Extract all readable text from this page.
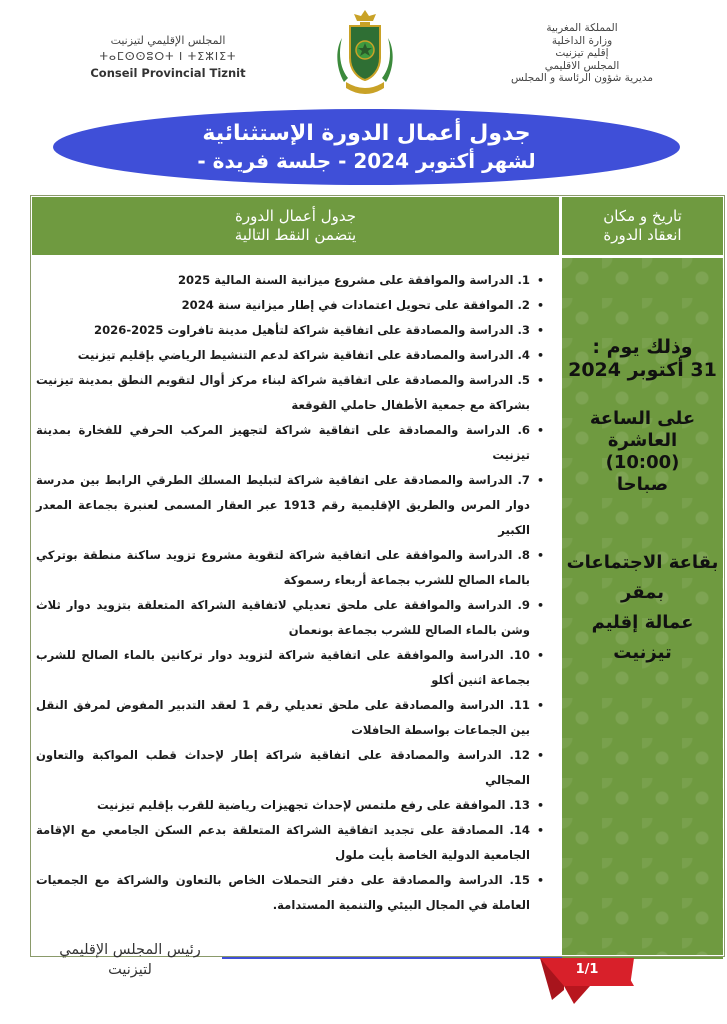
المملكة المغربية
وزارة الداخلية
إقليم تيزنيت
المجلس الاقليمي
مديرية شؤون الرئاسة و المجلس
المجلس الإقليمي لتيزنيت
ⵜⴰⵎⵙⵙⵓⵔⵜ ⵏ ⵜⵉⵣⵏⵉⵜ
Conseil Provincial Tiznit
جدول أعمال الدورة الإستثنائية
لشهر أكتوبر 2024 - جلسة فريدة -
جدول أعمال الدورة
يتضمن النقط التالية
تاريخ و مكان
انعقاد الدورة
وذلك يوم :
31 أكتوبر 2024
على الساعة
العاشرة
(10:00)
صباحا
بقاعة الاجتماعات
بمقر
عمالة إقليم
تيزنيت
•
1. الدراسة والموافقة على مشروع ميزانية السنة المالية 2025
•
2. الموافقة على تحويل اعتمادات في إطار ميزانية سنة 2024
•
3. الدراسة والمصادقة على اتفاقية شراكة لتأهيل مدينة تافراوت 2025-2026
•
4. الدراسة والمصادقة على اتفاقية شراكة لدعم التنشيط الرياضي بإقليم تيزنيت
•
5. الدراسة والمصادقة على اتفاقية شراكة لبناء مركز أوال لتقويم النطق بمدينة تيزنيت بشراكة مع جمعية الأطفال حاملي القوقعة
•
6. الدراسة والمصادقة على اتفاقية شراكة لتجهيز المركب الحرفي للفخارة بمدينة تيزنيت
•
7. الدراسة والمصادقة على اتفاقية شراكة لتبليط المسلك الطرقي الرابط بين مدرسة دوار المرس والطريق الإقليمية رقم 1913 عبر العقار المسمى لعنبرة بجماعة المعدر الكبير
•
8. الدراسة والموافقة على اتفاقية شراكة لتقوية مشروع تزويد ساكنة منطقة بوتركي بالماء الصالح للشرب بجماعة أربعاء رسموكة
•
9. الدراسة والموافقة على ملحق تعديلي لاتفاقية الشراكة المتعلقة بتزويد دوار ثلاث وشن بالماء الصالح للشرب بجماعة بونعمان
•
10. الدراسة والموافقة على اتفاقية شراكة لتزويد دوار تركانين بالماء الصالح للشرب بجماعة اثنين أكلو
•
11. الدراسة والمصادقة على ملحق تعديلي رقم 1 لعقد التدبير المفوض لمرفق النقل بين الجماعات بواسطة الحافلات
•
12. الدراسة والمصادقة على اتفاقية شراكة إطار لإحداث قطب المواكبة والتعاون المجالي
•
13. الموافقة على رفع ملتمس لإحداث تجهيزات رياضية للقرب بإقليم تيزنيت
•
14. المصادقة على تجديد اتفاقية الشراكة المتعلقة بدعم السكن الجامعي مع الإقامة الجامعية الدولية الخاصة بأيت ملول
•
15. الدراسة والمصادقة على دفتر التحملات الخاص بالتعاون والشراكة مع الجمعيات العاملة في المجال البيئي والتنمية المستدامة.
رئيس المجلس الإقليمي
لتيزنيت	1/1
